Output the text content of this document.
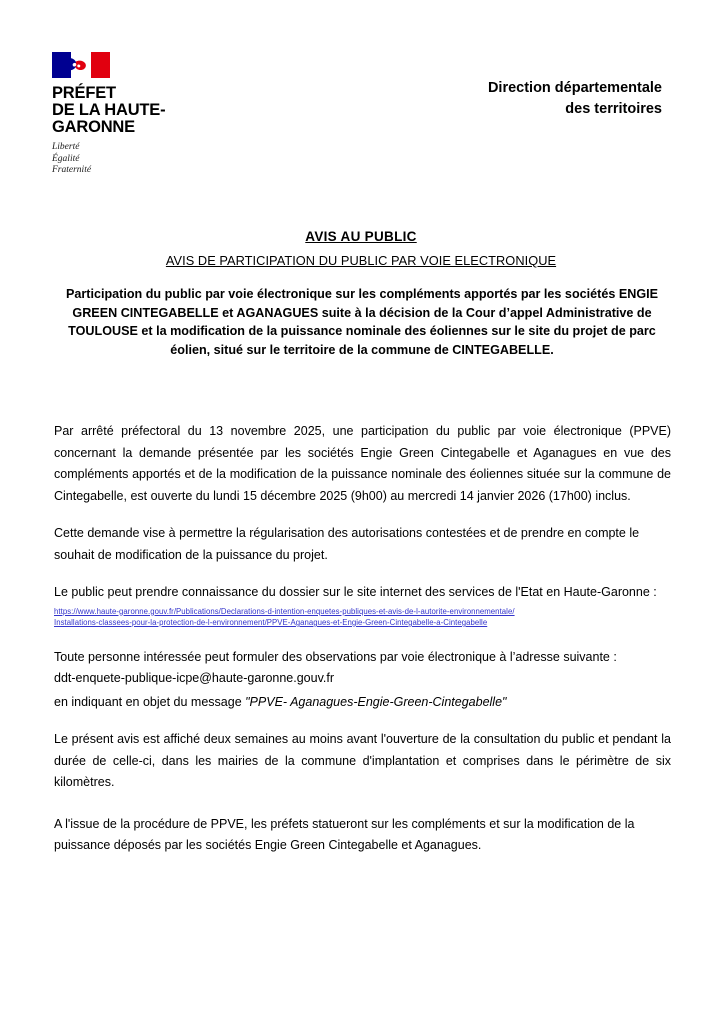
PRÉFET
DE LA HAUTE-
GARONNE
Liberté
Égalité
Fraternité
Direction départementale
des territoires
AVIS AU PUBLIC
AVIS DE PARTICIPATION DU PUBLIC PAR VOIE ELECTRONIQUE

Participation du public par voie électronique sur les compléments apportés par les sociétés ENGIE GREEN CINTEGABELLE et AGANAGUES suite à la décision de la Cour d’appel Administrative de TOULOUSE et la modification de la puissance nominale des éoliennes sur le site du projet de parc éolien, situé sur le territoire de la commune de CINTEGABELLE.

Par arrêté préfectoral du 13 novembre 2025, une participation du public par voie électronique (PPVE) concernant la demande présentée par les sociétés Engie Green Cintegabelle et Aganagues en vue des compléments apportés et de la modification de la puissance nominale des éoliennes située sur la commune de Cintegabelle, est ouverte du lundi 15 décembre 2025 (9h00) au mercredi 14 janvier 2026 (17h00) inclus.

Cette demande vise à permettre la régularisation des autorisations contestées et de prendre en compte le souhait de modification de la puissance du projet.

Le public peut prendre connaissance du dossier sur le site internet des services de l'Etat en Haute-Garonne :

https://www.haute-garonne.gouv.fr/Publications/Declarations-d-intention-enquetes-publiques-et-avis-de-l-autorite-environnementale/
Installations-classees-pour-la-protection-de-l-environnement/PPVE-Aganagues-et-Engie-Green-Cintegabelle-a-Cintegabelle

Toute personne intéressée peut formuler des observations par voie électronique à l’adresse suivante : ddt-enquete-publique-icpe@haute-garonne.gouv.fr

en indiquant en objet du message "PPVE- Aganagues-Engie-Green-Cintegabelle"

Le présent avis est affiché deux semaines au moins avant l'ouverture de la consultation du public et pendant la durée de celle-ci, dans les mairies de la commune d'implantation et comprises dans le périmètre de six kilomètres.

A l'issue de la procédure de PPVE, les préfets statueront sur les compléments et sur la modification de la puissance déposés par les sociétés Engie Green Cintegabelle et Aganagues.
